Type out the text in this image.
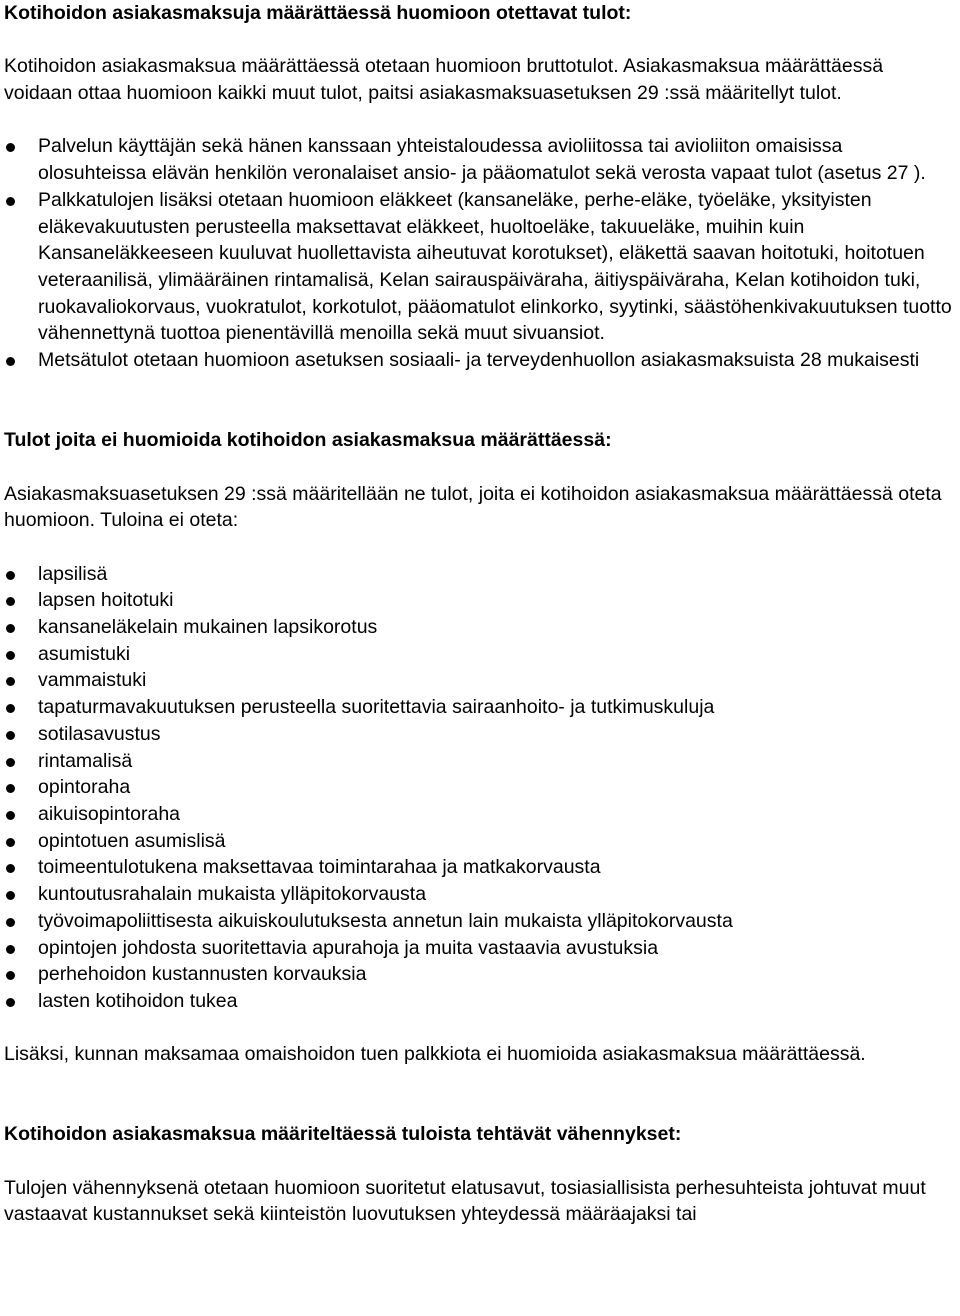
Kotihoidon asiakasmaksuja määrättäessä huomioon otettavat tulot:

Kotihoidon asiakasmaksua määrättäessä otetaan huomioon bruttotulot. Asiakasmaksua määrättäessä voidaan ottaa huomioon kaikki muut tulot, paitsi asiakasmaksuasetuksen 29 :ssä määritellyt tulot.

Palvelun käyttäjän sekä hänen kanssaan yhteistaloudessa avioliitossa tai avioliiton omaisissa olosuhteissa elävän henkilön veronalaiset ansio- ja pääomatulot sekä verosta vapaat tulot (asetus 27 ).
Palkkatulojen lisäksi otetaan huomioon eläkkeet (kansaneläke, perhe-eläke, työeläke, yksityisten eläkevakuutusten perusteella maksettavat eläkkeet, huoltoeläke, takuueläke, muihin kuin Kansaneläkkeeseen kuuluvat huollettavista aiheutuvat korotukset), eläkettä saavan hoitotuki, hoitotuen veteraanilisä, ylimääräinen rintamalisä, Kelan sairauspäiväraha, äitiyspäiväraha, Kelan kotihoidon tuki, ruokavaliokorvaus, vuokratulot, korkotulot, pääomatulot elinkorko, syytinki, säästöhenkivakuutuksen tuotto vähennettynä tuottoa pienentävillä menoilla sekä muut sivuansiot.
Metsätulot otetaan huomioon asetuksen sosiaali- ja terveydenhuollon asiakasmaksuista 28 mukaisesti

Tulot joita ei huomioida kotihoidon asiakasmaksua määrättäessä:

Asiakasmaksuasetuksen 29 :ssä määritellään ne tulot, joita ei kotihoidon asiakasmaksua määrättäessä oteta huomioon. Tuloina ei oteta:

lapsilisä
lapsen hoitotuki
kansaneläkelain mukainen lapsikorotus
asumistuki
vammaistuki
tapaturmavakuutuksen perusteella suoritettavia sairaanhoito- ja tutkimuskuluja
sotilasavustus
rintamalisä
opintoraha
aikuisopintoraha
opintotuen asumislisä
toimeentulotukena maksettavaa toimintarahaa ja matkakorvausta
kuntoutusrahalain mukaista ylläpitokorvausta
työvoimapoliittisesta aikuiskoulutuksesta annetun lain mukaista ylläpitokorvausta
opintojen johdosta suoritettavia apurahoja ja muita vastaavia avustuksia
perhehoidon kustannusten korvauksia
lasten kotihoidon tukea

Lisäksi, kunnan maksamaa omaishoidon tuen palkkiota ei huomioida asiakasmaksua määrättäessä.

Kotihoidon asiakasmaksua määriteltäessä tuloista tehtävät vähennykset:

Tulojen vähennyksenä otetaan huomioon suoritetut elatusavut, tosiasiallisista perhesuhteista johtuvat muut vastaavat kustannukset sekä kiinteistön luovutuksen yhteydessä määräajaksi tai
